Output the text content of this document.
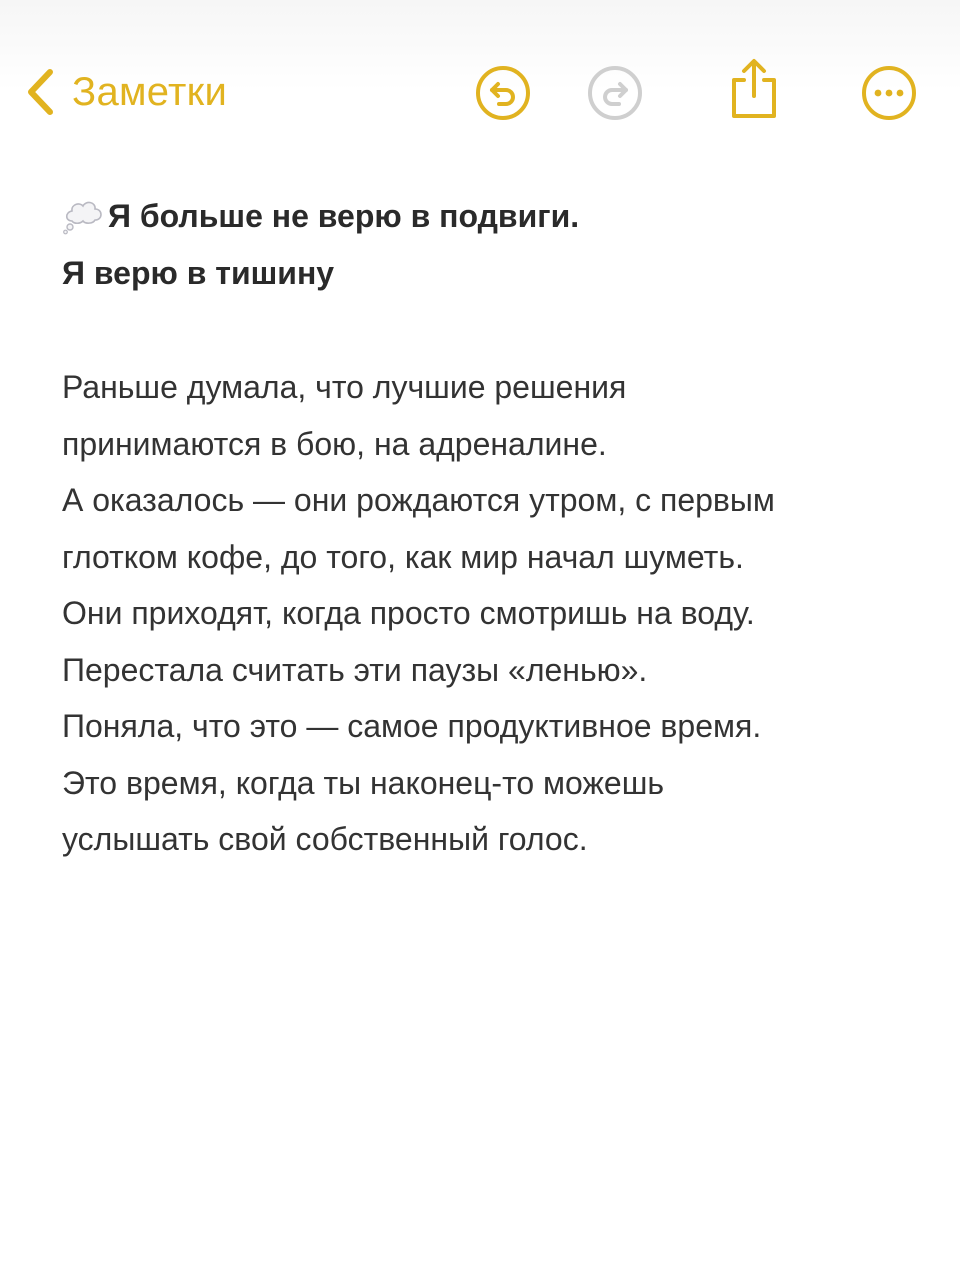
Заметки
Я больше не верю в подвиги.
Я верю в тишину
Раньше думала, что лучшие решения
принимаются в бою, на адреналине.
А оказалось — они рождаются утром, с первым
глотком кофе, до того, как мир начал шуметь.
Они приходят, когда просто смотришь на воду.
Перестала считать эти паузы «ленью».
Поняла, что это — самое продуктивное время.
Это время, когда ты наконец-то можешь
услышать свой собственный голос.
